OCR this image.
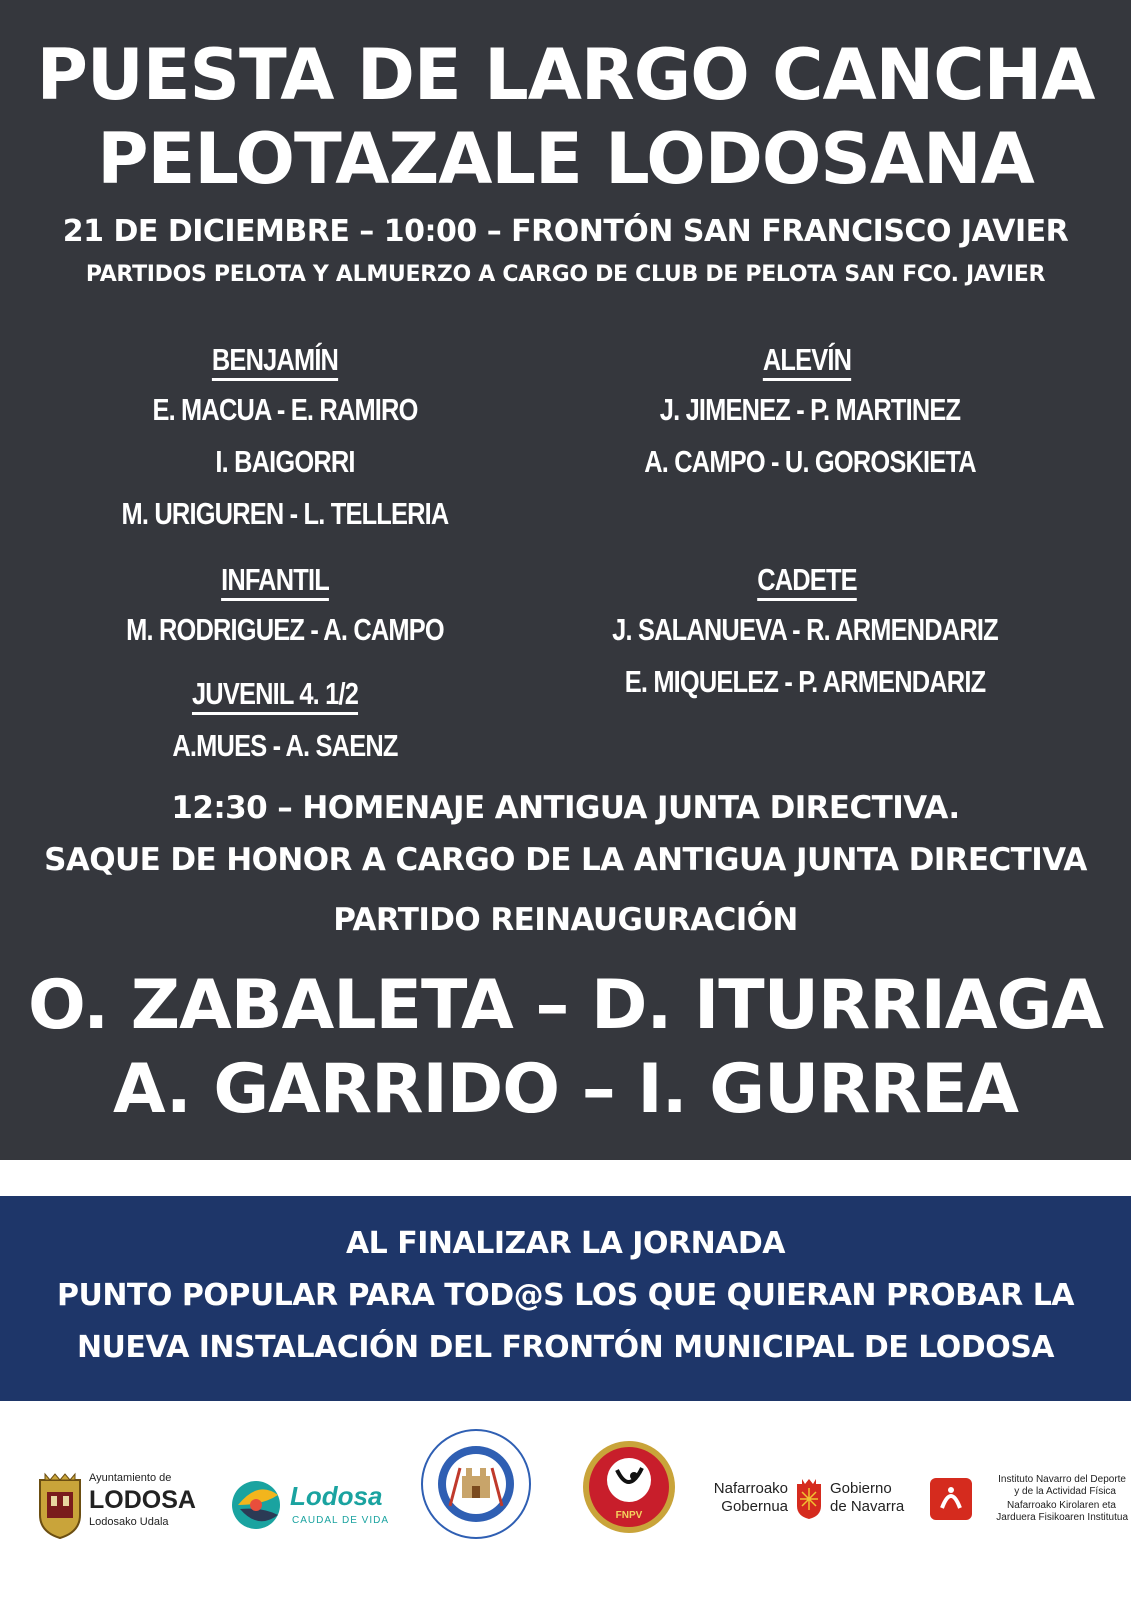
PUESTA DE LARGO CANCHA
PELOTAZALE LODOSANA
21 DE DICIEMBRE – 10:00 – FRONTÓN SAN FRANCISCO JAVIER
PARTIDOS PELOTA Y ALMUERZO A CARGO DE CLUB DE PELOTA SAN FCO. JAVIER
BENJAMÍN
E. MACUA - E. RAMIRO
I. BAIGORRI
M. URIGUREN - L. TELLERIA
INFANTIL
M. RODRIGUEZ - A. CAMPO
JUVENIL 4. 1/2
A.MUES - A. SAENZ
ALEVÍN
J. JIMENEZ - P. MARTINEZ
A. CAMPO - U. GOROSKIETA
CADETE
J. SALANUEVA - R. ARMENDARIZ
E. MIQUELEZ - P. ARMENDARIZ
12:30 – HOMENAJE ANTIGUA JUNTA DIRECTIVA.
SAQUE DE HONOR A CARGO DE LA ANTIGUA JUNTA DIRECTIVA
PARTIDO REINAUGURACIÓN
O. ZABALETA – D. ITURRIAGA
A. GARRIDO – I. GURREA
AL FINALIZAR LA JORNADA
PUNTO POPULAR PARA TOD@S LOS QUE QUIERAN PROBAR LA
NUEVA INSTALACIÓN DEL FRONTÓN MUNICIPAL DE LODOSA
Ayuntamiento de
LODOSA
Lodosako Udala
Lodosa
CAUDAL DE VIDA	FNPV
Nafarroako
Gobernua
Gobierno
de Navarra
Instituto Navarro del Deporte
y de la Actividad Física
Nafarroako Kirolaren eta
Jarduera Fisikoaren Institutua
